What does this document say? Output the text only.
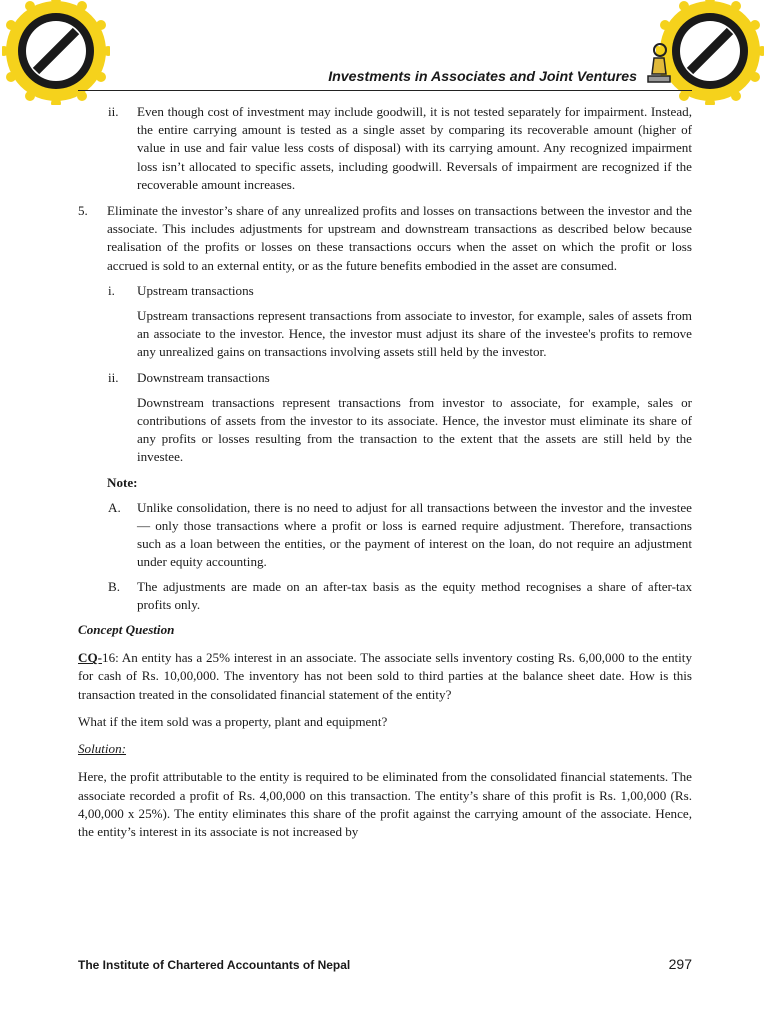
Investments in Associates and Joint Ventures
ii. Even though cost of investment may include goodwill, it is not tested separately for impairment. Instead, the entire carrying amount is tested as a single asset by comparing its recoverable amount (higher of value in use and fair value less costs of disposal) with its carrying amount. Any recognized impairment loss isn’t allocated to specific assets, including goodwill. Reversals of impairment are recognized if the recoverable amount increases.

5. Eliminate the investor’s share of any unrealized profits and losses on transactions between the investor and the associate. This includes adjustments for upstream and downstream transactions as described below because realisation of the profits or losses on these transactions occurs when the asset on which the profit or loss accrued is sold to an external entity, or as the future benefits embodied in the asset are consumed.

i. Upstream transactions

Upstream transactions represent transactions from associate to investor, for example, sales of assets from an associate to the investor. Hence, the investor must adjust its share of the investee's profits to remove any unrealized gains on transactions involving assets still held by the investor.

ii. Downstream transactions

Downstream transactions represent transactions from investor to associate, for example, sales or contributions of assets from the investor to its associate. Hence, the investor must eliminate its share of any profits or losses resulting from the transaction to the extent that the assets are still held by the investee.

Note:

A. Unlike consolidation, there is no need to adjust for all transactions between the investor and the investee — only those transactions where a profit or loss is earned require adjustment. Therefore, transactions such as a loan between the entities, or the payment of interest on the loan, do not require an adjustment under equity accounting.

B. The adjustments are made on an after-tax basis as the equity method recognises a share of after-tax profits only.

Concept Question

CQ-16: An entity has a 25% interest in an associate. The associate sells inventory costing Rs. 6,00,000 to the entity for cash of Rs. 10,00,000. The inventory has not been sold to third parties at the balance sheet date. How is this transaction treated in the consolidated financial statement of the entity?

What if the item sold was a property, plant and equipment?

Solution:

Here, the profit attributable to the entity is required to be eliminated from the consolidated financial statements. The associate recorded a profit of Rs. 4,00,000 on this transaction. The entity’s share of this profit is Rs. 1,00,000 (Rs. 4,00,000 x 25%). The entity eliminates this share of the profit against the carrying amount of the associate. Hence, the entity’s interest in its associate is not increased by

The Institute of Chartered Accountants of Nepal	297
